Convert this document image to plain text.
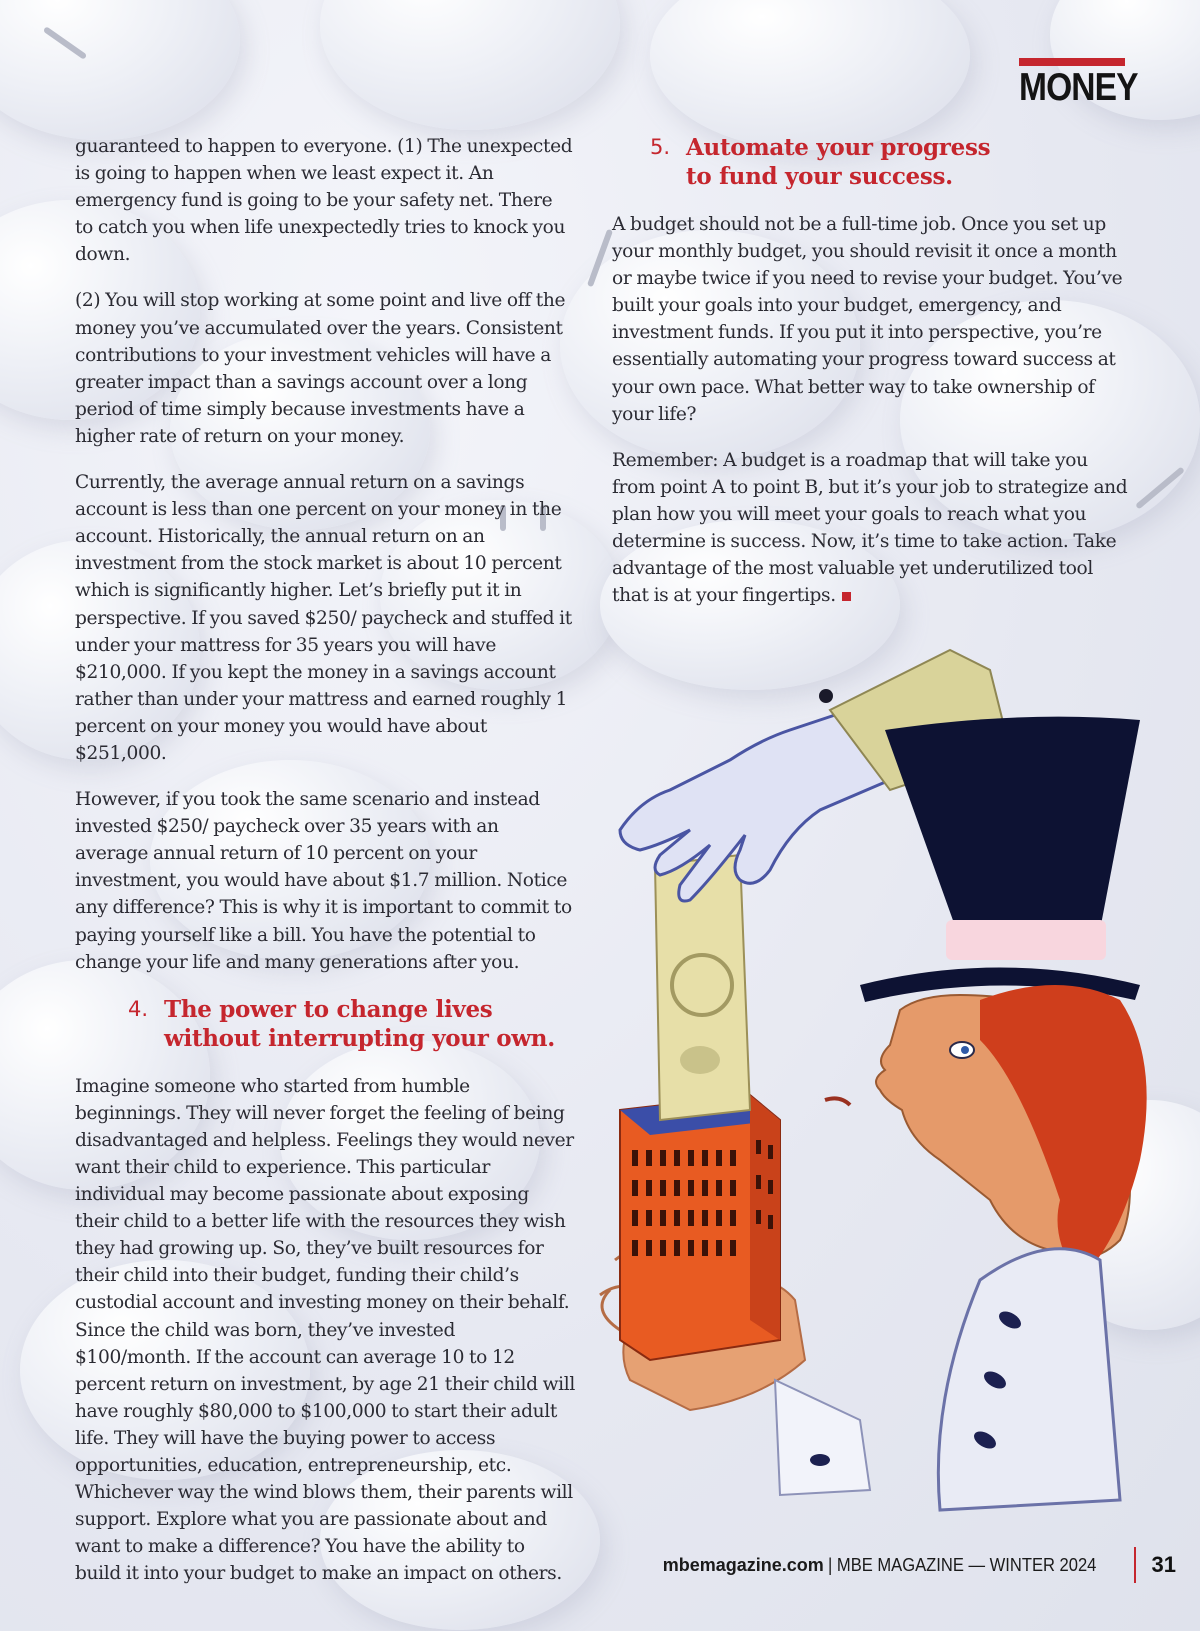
MONEY

guaranteed to happen to everyone. (1) The unexpected is going to happen when we least expect it. An emergency fund is going to be your safety net. There to catch you when life unexpectedly tries to knock you down.

(2) You will stop working at some point and live off the money you’ve accumulated over the years. Consistent contributions to your investment vehicles will have a greater impact than a savings account over a long period of time simply because investments have a higher rate of return on your money.

Currently, the average annual return on a savings account is less than one percent on your money in the account. Historically, the annual return on an investment from the stock market is about 10 percent which is significantly higher. Let’s briefly put it in perspective. If you saved $250/ paycheck and stuffed it under your mattress for 35 years you will have $210,000. If you kept the money in a savings account rather than under your mattress and earned roughly 1 percent on your money you would have about $251,000.

However, if you took the same scenario and instead invested $250/ paycheck over 35 years with an average annual return of 10 percent on your investment, you would have about $1.7 million. Notice any difference? This is why it is important to commit to paying yourself like a bill. You have the potential to change your life and many generations after you.

4. The power to change lives
without interrupting your own.

Imagine someone who started from humble beginnings. They will never forget the feeling of being disadvantaged and helpless. Feelings they would never want their child to experience. This particular individual may become passionate about exposing their child to a better life with the resources they wish they had growing up. So, they’ve built resources for their child into their budget, funding their child’s custodial account and investing money on their behalf. Since the child was born, they’ve invested $100/month. If the account can average 10 to 12 percent return on investment, by age 21 their child will have roughly $80,000 to $100,000 to start their adult life. They will have the buying power to access opportunities, education, entrepreneurship, etc. Whichever way the wind blows them, their parents will support. Explore what you are passionate about and want to make a difference? You have the ability to build it into your budget to make an impact on others.

5. Automate your progress
to fund your success.

A budget should not be a full-time job. Once you set up your monthly budget, you should revisit it once a month or maybe twice if you need to revise your budget. You’ve built your goals into your budget, emergency, and investment funds. If you put it into perspective, you’re essentially automating your progress toward success at your own pace. What better way to take ownership of your life?

Remember: A budget is a roadmap that will take you from point A to point B, but it’s your job to strategize and plan how you will meet your goals to reach what you determine is success. Now, it’s time to take action. Take advantage of the most valuable yet underutilized tool that is at your fingertips.

mbemagazine.com | MBE MAGAZINE — WINTER 2024	31
